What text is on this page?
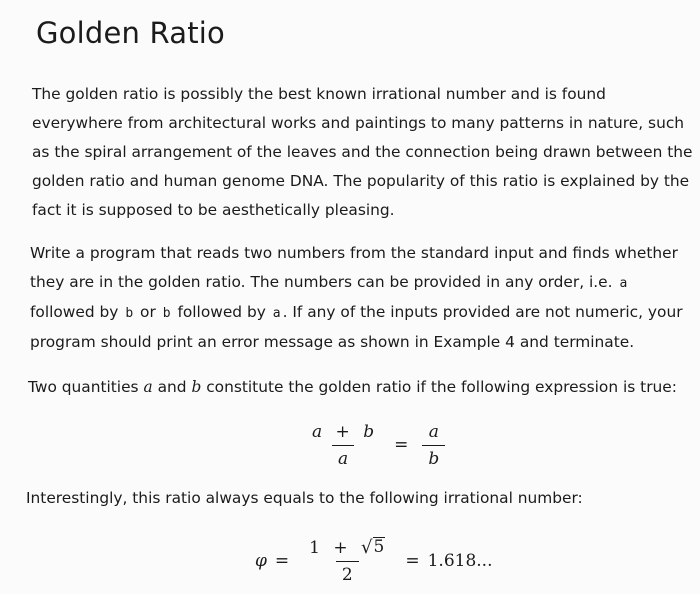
Golden Ratio

The golden ratio is possibly the best known irrational number and is found everywhere from architectural works and paintings to many patterns in nature, such as the spiral arrangement of the leaves and the connection being drawn between the golden ratio and human genome DNA. The popularity of this ratio is explained by the fact it is supposed to be aesthetically pleasing.

Write a program that reads two numbers from the standard input and finds whether they are in the golden ratio. The numbers can be provided in any order, i.e. a followed by b or b followed by a . If any of the inputs provided are not numeric, your program should print an error message as shown in Example 4 and terminate.

Two quantities a and b constitute the golden ratio if the following expression is true:

$\frac{a + b}{a} = \frac{a}{b}$

Interestingly, this ratio always equals to the following irrational number:

$\varphi = \frac{1 + √ 5}{2} = 1.618$...
